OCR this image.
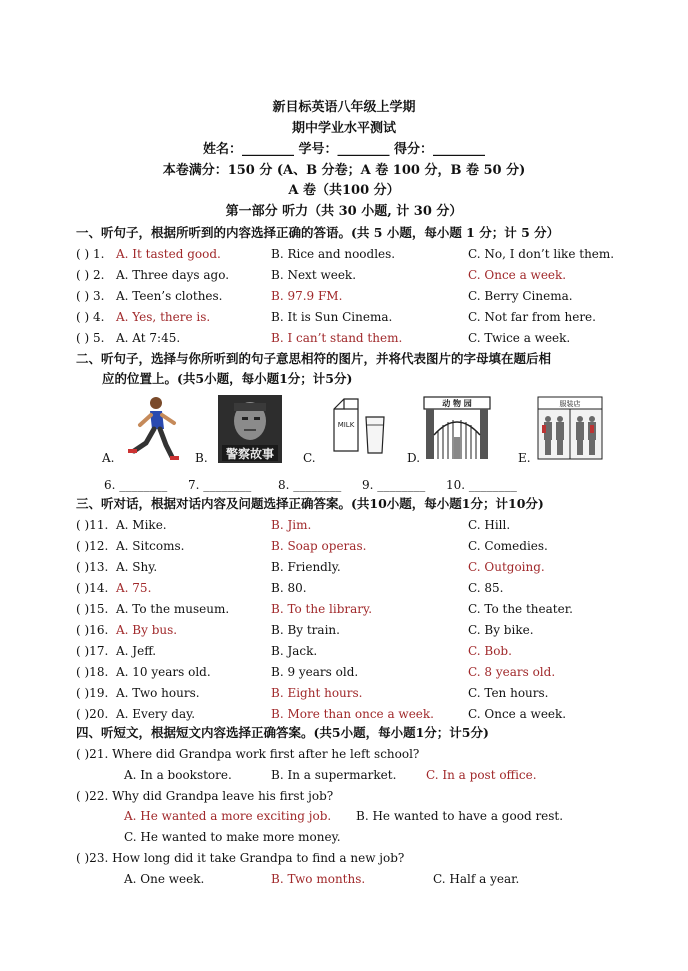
新目标英语八年级上学期
期中学业水平测试
姓名：________ 学号：________ 得分：________
本卷满分：150 分 (A、B 分卷；A 卷 100 分，B 卷 50 分)
A 卷（共100 分）
第一部分 听力（共 30 小题, 计 30 分）
一、听句子，根据所听到的内容选择正确的答语。(共 5 小题，每小题 1 分；计 5 分）
( ) 1. A. It tasted good.	B. Rice and noodles.	C. No, I don’t like them.
( ) 2. A. Three days ago.	B. Next week.	C. Once a week.
( ) 3. A. Teen’s clothes.	B. 97.9 FM.	C. Berry Cinema.
( ) 4. A. Yes, there is.	B. It is Sun Cinema.	C. Not far from here.
( ) 5. A. At 7:45.	B. I can’t stand them.	C. Twice a week.
二、听句子，选择与你所听到的句子意思相符的图片，并将代表图片的字母填在题后相
应的位置上。(共5小题，每小题1分；计5分)
A.	B. 警察故事 C.
MILK
D.
动 物 园
E.
服装店
6. ________ 7. ________ 8. ________ 9. ________ 10. ________
三、听对话，根据对话内容及问题选择正确答案。(共10小题，每小题1分；计10分)
( )11. A. Mike.	B. Jim.	C. Hill.
( )12. A. Sitcoms.	B. Soap operas.	C. Comedies.
( )13. A. Shy.	B. Friendly.	C. Outgoing.
( )14. A. 75.	B. 80.	C. 85.
( )15. A. To the museum.	B. To the library.	C. To the theater.
( )16. A. By bus.	B. By train.	C. By bike.
( )17. A. Jeff.	B. Jack.	C. Bob.
( )18. A. 10 years old.	B. 9 years old.	C. 8 years old.
( )19. A. Two hours.	B. Eight hours.	C. Ten hours.
( )20. A. Every day.	B. More than once a week.	C. Once a week.
四、听短文，根据短文内容选择正确答案。(共5小题，每小题1分；计5分)
( )21. Where did Grandpa work first after he left school?
A. In a bookstore.	B. In a supermarket. C. In a post office.
( )22. Why did Grandpa leave his first job?
A. He wanted a more exciting job. B. He wanted to have a good rest.
C. He wanted to make more money.
( )23. How long did it take Grandpa to find a new job?
A. One week.	B. Two months.	C. Half a year.
